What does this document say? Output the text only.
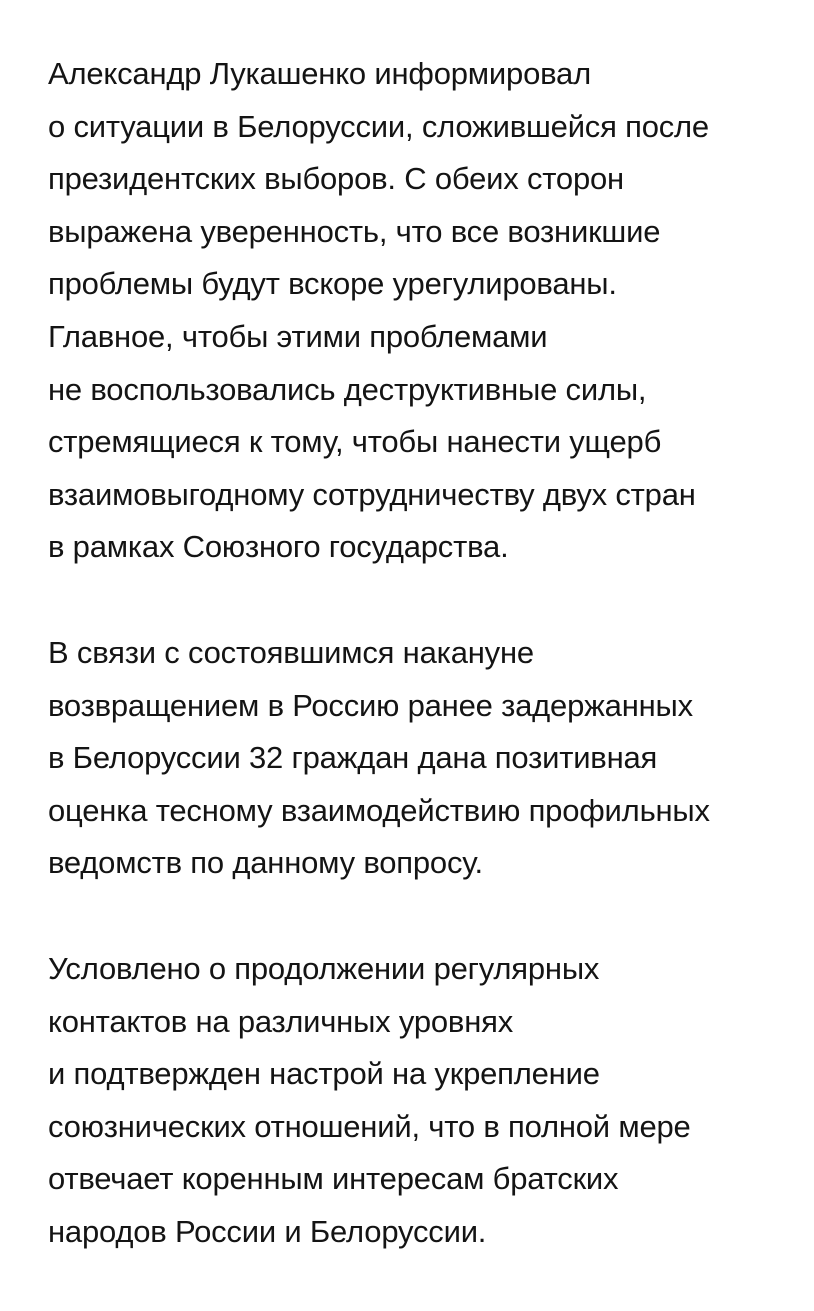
Александр Лукашенко информировал
о ситуации в Белоруссии, сложившейся после
президентских выборов. С обеих сторон
выражена уверенность, что все возникшие
проблемы будут вскоре урегулированы.
Главное, чтобы этими проблемами
не воспользовались деструктивные силы,
стремящиеся к тому, чтобы нанести ущерб
взаимовыгодному сотрудничеству двух стран
в рамках Союзного государства.

В связи с состоявшимся накануне
возвращением в Россию ранее задержанных
в Белоруссии 32 граждан дана позитивная
оценка тесному взаимодействию профильных
ведомств по данному вопросу.

Условлено о продолжении регулярных
контактов на различных уровнях
и подтвержден настрой на укрепление
союзнических отношений, что в полной мере
отвечает коренным интересам братских
народов России и Белоруссии.
